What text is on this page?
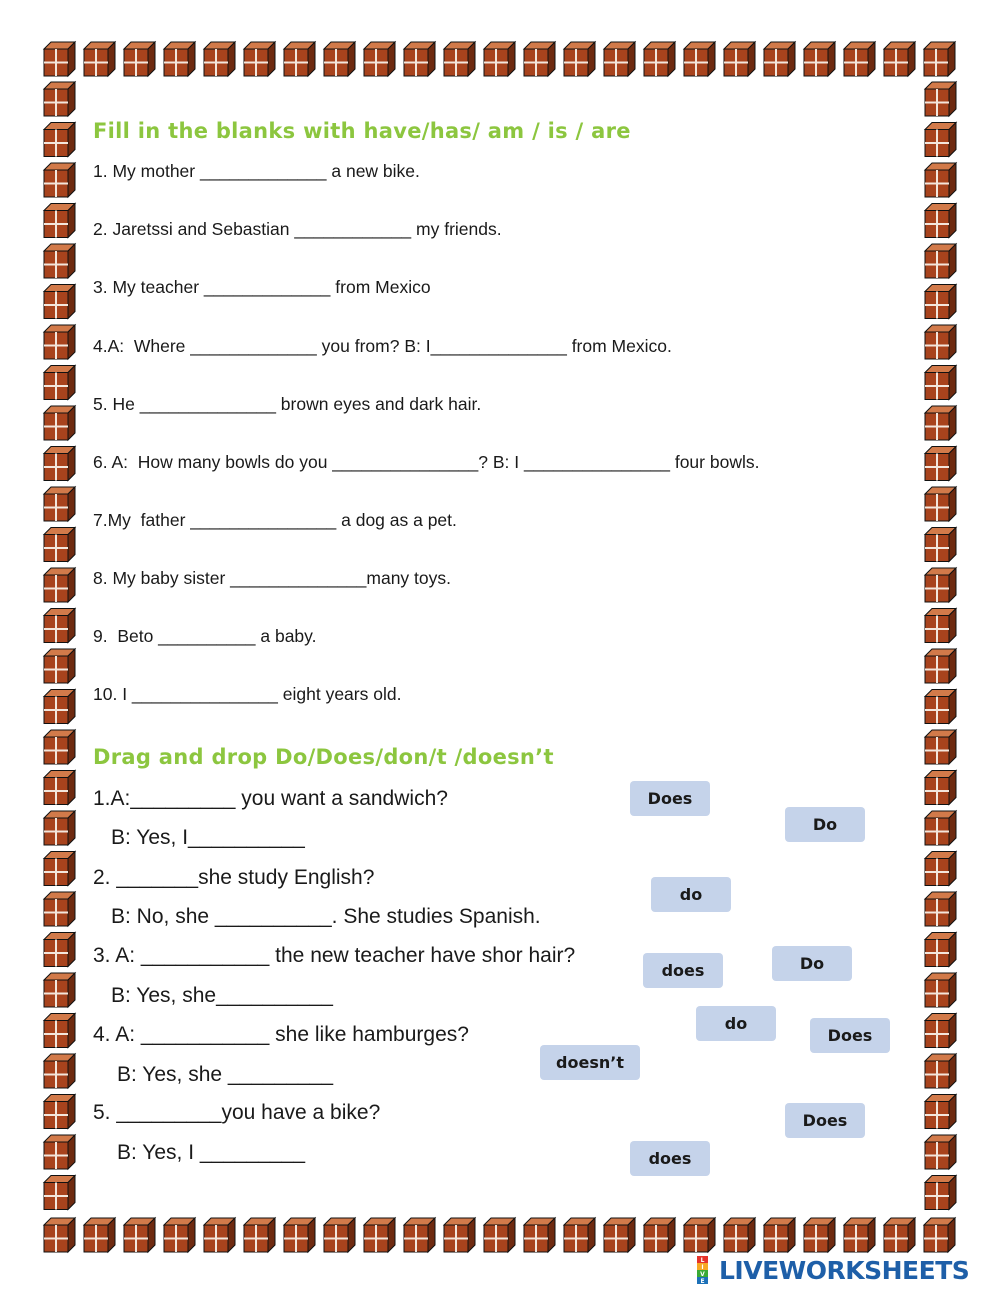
Fill in the blanks with have/has/ am / is / are
1. My mother _____________ a new bike.
2. Jaretssi and Sebastian ____________ my friends.
3. My teacher _____________ from Mexico
4.A:  Where _____________ you from? B: I______________ from Mexico.
5. He ______________ brown eyes and dark hair.
6. A:  How many bowls do you _______________? B: I _______________ four bowls.
7.My  father _______________ a dog as a pet.
8. My baby sister ______________many toys.
9.  Beto __________ a baby.
10. I _______________ eight years old.
Drag and drop Do/Does/don/t /doesn’t
1.A:_________ you want a sandwich?
B: Yes, I__________
2. _______she study English?
B: No, she __________. She studies Spanish.
3. A: ___________ the new teacher have shor hair?
B: Yes, she__________
4. A: ___________ she like hamburges?
B: Yes, she _________
5. _________you have a bike?
B: Yes, I _________
Does
Do
do
does	Do
do
Does
doesn’t
Does
does
L
I
V
E LIVEWORKSHEETS
